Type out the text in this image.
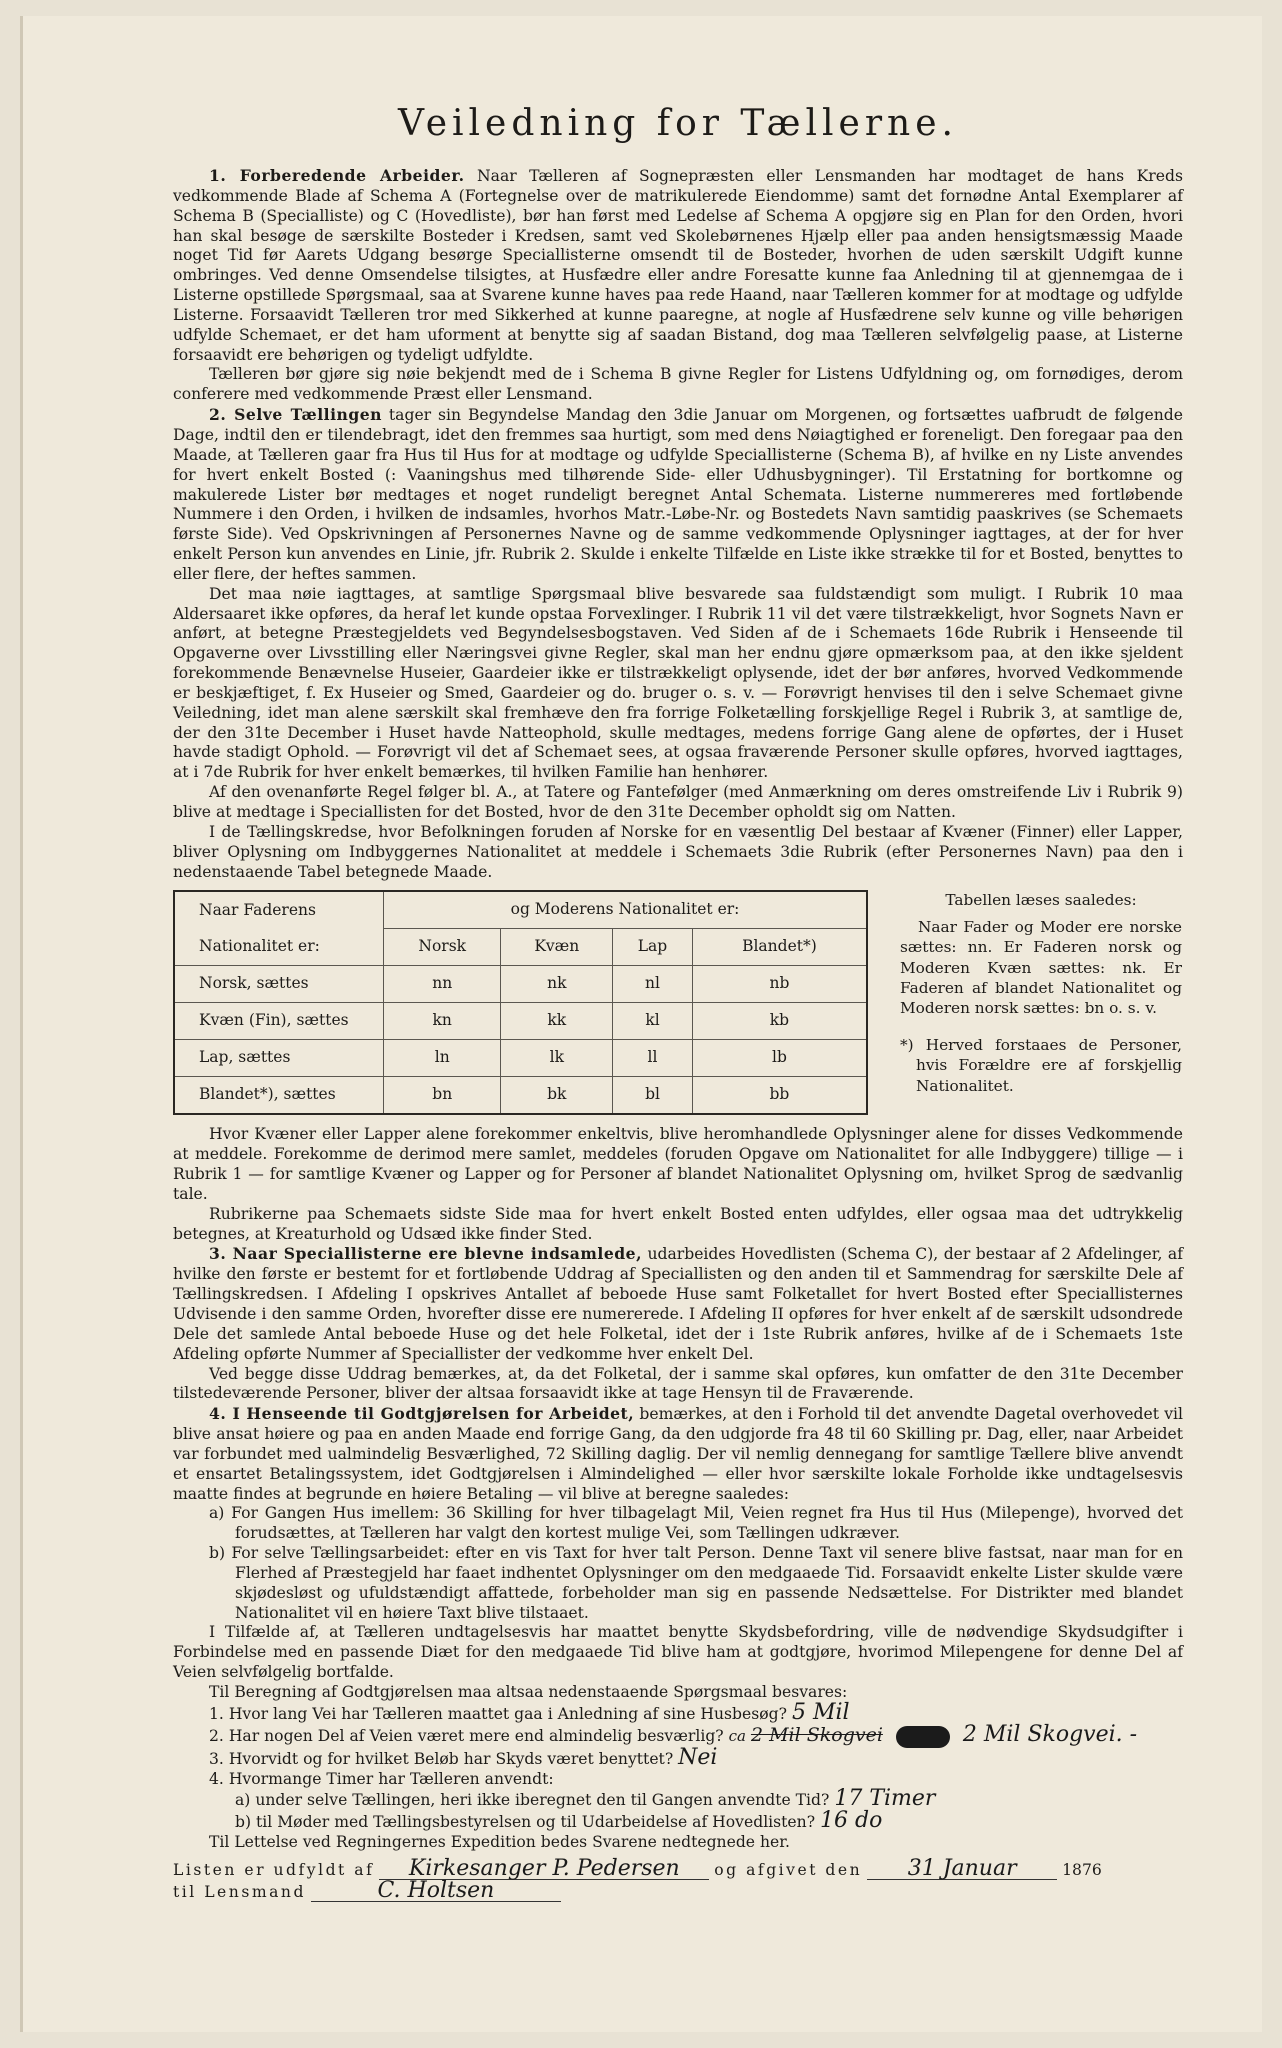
Veiledning for Tællerne.

1. Forberedende Arbeider. Naar Tælleren af Sognepræsten eller Lensmanden har modtaget de hans Kreds vedkommende Blade af Schema A (Fortegnelse over de matrikulerede Eiendomme) samt det fornødne Antal Exemplarer af Schema B (Specialliste) og C (Hovedliste), bør han først med Ledelse af Schema A opgjøre sig en Plan for den Orden, hvori han skal besøge de særskilte Bosteder i Kredsen, samt ved Skolebørnenes Hjælp eller paa anden hensigtsmæssig Maade noget Tid før Aarets Udgang besørge Speciallisterne omsendt til de Bosteder, hvorhen de uden særskilt Udgift kunne ombringes. Ved denne Omsendelse tilsigtes, at Husfædre eller andre Foresatte kunne faa Anledning til at gjennemgaa de i Listerne opstillede Spørgsmaal, saa at Svarene kunne haves paa rede Haand, naar Tælleren kommer for at modtage og udfylde Listerne. Forsaavidt Tælleren tror med Sikkerhed at kunne paaregne, at nogle af Husfædrene selv kunne og ville behørigen udfylde Schemaet, er det ham uforment at benytte sig af saadan Bistand, dog maa Tælleren selvfølgelig paase, at Listerne forsaavidt ere behørigen og tydeligt udfyldte.

Tælleren bør gjøre sig nøie bekjendt med de i Schema B givne Regler for Listens Udfyldning og, om fornødiges, derom conferere med vedkommende Præst eller Lensmand.

2. Selve Tællingen tager sin Begyndelse Mandag den 3die Januar om Morgenen, og fortsættes uafbrudt de følgende Dage, indtil den er tilendebragt, idet den fremmes saa hurtigt, som med dens Nøiagtighed er foreneligt. Den foregaar paa den Maade, at Tælleren gaar fra Hus til Hus for at modtage og udfylde Speciallisterne (Schema B), af hvilke en ny Liste anvendes for hvert enkelt Bosted (: Vaaningshus med tilhørende Side- eller Udhusbygninger). Til Erstatning for bortkomne og makulerede Lister bør medtages et noget rundeligt beregnet Antal Schemata. Listerne nummereres med fortløbende Nummere i den Orden, i hvilken de indsamles, hvorhos Matr.-Løbe-Nr. og Bostedets Navn samtidig paaskrives (se Schemaets første Side). Ved Opskrivningen af Personernes Navne og de samme vedkommende Oplysninger iagttages, at der for hver enkelt Person kun anvendes en Linie, jfr. Rubrik 2. Skulde i enkelte Tilfælde en Liste ikke strække til for et Bosted, benyttes to eller flere, der heftes sammen.

Det maa nøie iagttages, at samtlige Spørgsmaal blive besvarede saa fuldstændigt som muligt. I Rubrik 10 maa Aldersaaret ikke opføres, da heraf let kunde opstaa Forvexlinger. I Rubrik 11 vil det være tilstrækkeligt, hvor Sognets Navn er anført, at betegne Præstegjeldets ved Begyndelsesbogstaven. Ved Siden af de i Schemaets 16de Rubrik i Henseende til Opgaverne over Livsstilling eller Næringsvei givne Regler, skal man her endnu gjøre opmærksom paa, at den ikke sjeldent forekommende Benævnelse Huseier, Gaardeier ikke er tilstrækkeligt oplysende, idet der bør anføres, hvorved Vedkommende er beskjæftiget, f. Ex Huseier og Smed, Gaardeier og do. bruger o. s. v. — Forøvrigt henvises til den i selve Schemaet givne Veiledning, idet man alene særskilt skal fremhæve den fra forrige Folketælling forskjellige Regel i Rubrik 3, at samtlige de, der den 31te December i Huset havde Natteophold, skulle medtages, medens forrige Gang alene de opførtes, der i Huset havde stadigt Ophold. — Forøvrigt vil det af Schemaet sees, at ogsaa fraværende Personer skulle opføres, hvorved iagttages, at i 7de Rubrik for hver enkelt bemærkes, til hvilken Familie han henhører.

Af den ovenanførte Regel følger bl. A., at Tatere og Fantefølger (med Anmærkning om deres omstreifende Liv i Rubrik 9) blive at medtage i Speciallisten for det Bosted, hvor de den 31te December opholdt sig om Natten.

I de Tællingskredse, hvor Befolkningen foruden af Norske for en væsentlig Del bestaar af Kvæner (Finner) eller Lapper, bliver Oplysning om Indbyggernes Nationalitet at meddele i Schemaets 3die Rubrik (efter Personernes Navn) paa den i nedenstaaende Tabel betegnede Maade.

Naar Faderens	og Moderens Nationalitet er:			
Nationalitet er:	Norsk	Kvæn	Lap	Blandet*)
Norsk, sættes	nn	nk	nl	nb
Kvæn (Fin), sættes	kn	kk	kl	kb
Lap, sættes	ln	lk	ll	lb
Blandet*), sættes	bn	bk	bl	bb
Tabellen læses saaledes:
Naar Fader og Moder ere norske sættes: nn. Er Faderen norsk og Moderen Kvæn sættes: nk. Er Faderen af blandet Nationalitet og Moderen norsk sættes: bn o. s. v.
*) Herved forstaaes de Personer, hvis Forældre ere af forskjellig Nationalitet.

Hvor Kvæner eller Lapper alene forekommer enkeltvis, blive heromhandlede Oplysninger alene for disses Vedkommende at meddele. Forekomme de derimod mere samlet, meddeles (foruden Opgave om Nationalitet for alle Indbyggere) tillige — i Rubrik 1 — for samtlige Kvæner og Lapper og for Personer af blandet Nationalitet Oplysning om, hvilket Sprog de sædvanlig tale.

Rubrikerne paa Schemaets sidste Side maa for hvert enkelt Bosted enten udfyldes, eller ogsaa maa det udtrykkelig betegnes, at Kreaturhold og Udsæd ikke finder Sted.

3. Naar Speciallisterne ere blevne indsamlede, udarbeides Hovedlisten (Schema C), der bestaar af 2 Afdelinger, af hvilke den første er bestemt for et fortløbende Uddrag af Speciallisten og den anden til et Sammendrag for særskilte Dele af Tællingskredsen. I Afdeling I opskrives Antallet af beboede Huse samt Folketallet for hvert Bosted efter Speciallisternes Udvisende i den samme Orden, hvorefter disse ere numererede. I Afdeling II opføres for hver enkelt af de særskilt udsondrede Dele det samlede Antal beboede Huse og det hele Folketal, idet der i 1ste Rubrik anføres, hvilke af de i Schemaets 1ste Afdeling opførte Nummer af Speciallister der vedkomme hver enkelt Del.

Ved begge disse Uddrag bemærkes, at, da det Folketal, der i samme skal opføres, kun omfatter de den 31te December tilstedeværende Personer, bliver der altsaa forsaavidt ikke at tage Hensyn til de Fraværende.

4. I Henseende til Godtgjørelsen for Arbeidet, bemærkes, at den i Forhold til det anvendte Dagetal overhovedet vil blive ansat høiere og paa en anden Maade end forrige Gang, da den udgjorde fra 48 til 60 Skilling pr. Dag, eller, naar Arbeidet var forbundet med ualmindelig Besværlighed, 72 Skilling daglig. Der vil nemlig dennegang for samtlige Tællere blive anvendt et ensartet Betalingssystem, idet Godtgjørelsen i Almindelighed — eller hvor særskilte lokale Forholde ikke undtagelsesvis maatte findes at begrunde en høiere Betaling — vil blive at beregne saaledes:

a) For Gangen Hus imellem: 36 Skilling for hver tilbagelagt Mil, Veien regnet fra Hus til Hus (Milepenge), hvorved det forudsættes, at Tælleren har valgt den kortest mulige Vei, som Tællingen udkræver.
b) For selve Tællingsarbeidet: efter en vis Taxt for hver talt Person. Denne Taxt vil senere blive fastsat, naar man for en Flerhed af Præstegjeld har faaet indhentet Oplysninger om den medgaaede Tid. Forsaavidt enkelte Lister skulde være skjødesløst og ufuldstændigt affattede, forbeholder man sig en passende Nedsættelse. For Distrikter med blandet Nationalitet vil en høiere Taxt blive tilstaaet.

I Tilfælde af, at Tælleren undtagelsesvis har maattet benytte Skydsbefordring, ville de nødvendige Skydsudgifter i Forbindelse med en passende Diæt for den medgaaede Tid blive ham at godtgjøre, hvorimod Milepengene for denne Del af Veien selvfølgelig bortfalde.

Til Beregning af Godtgjørelsen maa altsaa nedenstaaende Spørgsmaal besvares:

1. Hvor lang Vei har Tælleren maattet gaa i Anledning af sine Husbesøg? 5 Mil
2. Har nogen Del af Veien været mere end almindelig besværlig? ca 2 Mil Skogvei	2 Mil Skogvei. -
3. Hvorvidt og for hvilket Beløb har Skyds været benyttet? Nei
4. Hvormange Timer har Tælleren anvendt:
a) under selve Tællingen, heri ikke iberegnet den til Gangen anvendte Tid? 17 Timer
b) til Møder med Tællingsbestyrelsen og til Udarbeidelse af Hovedlisten? 16 do

Til Lettelse ved Regningernes Expedition bedes Svarene nedtegnede her.

Listen er udfyldt af Kirkesanger P. Pedersen og afgivet den 31 Januar	1876
til Lensmand	C. Holtsen
